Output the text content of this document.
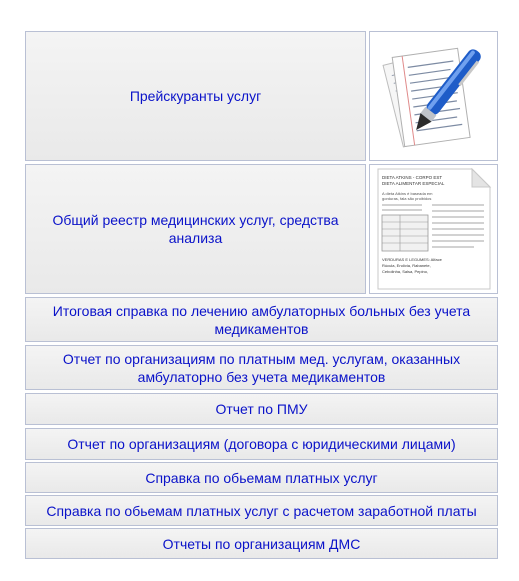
Прейскуранты услуг
Общий реестр медицинских услуг, средства анализа
DIETA ATKINS - CORPO EST
DIETA ALIMENTAR ESPECIAL
A dieta Atkins é baseada em
gorduras, fala são proibidos
VERDURAS E LEGUMES: Alface
Rúcula, Endívia, Rabanete,
Cebolinha, Salsa, Pepino,
Итоговая справка по лечению амбулаторных больных без учета медикаментов
Отчет по организациям по платным мед. услугам, оказанных амбулаторно без учета медикаментов
Отчет по ПМУ
Отчет по организациям (договора с юридическими лицами)
Справка по обьемам платных услуг
Справка по обьемам платных услуг с расчетом заработной платы
Отчеты по организациям ДМС
